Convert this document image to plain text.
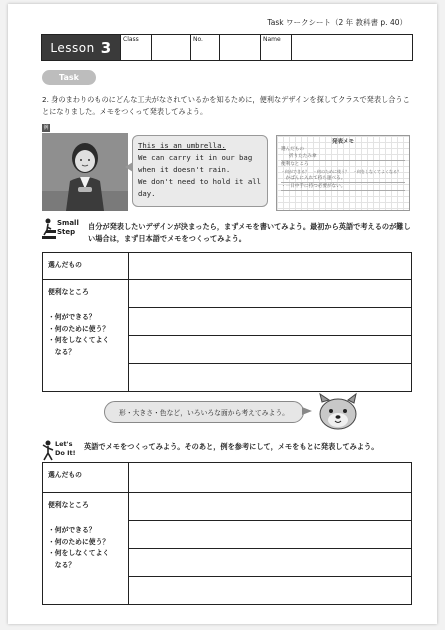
Task ワークシート（2 年 教科書 p. 40）
Lesson 3	Class	No.	Name
Task
2. 身のまわりのものにどんな工夫がなされているかを知るために，便利なデザインを探してクラスで発表し合うことになりました。メモをつくって発表してみよう。
例
This is an umbrella.
We can carry it in our bag
when it doesn't rain.
We don't need to hold it all
day.
発表メモ
選んだもの
折りたたみ傘
便利なところ
・何ができる？　・何のために使う？　・何をしなくてよくなる？
　かばんに入れて持ち運べる。
・一日中手に持つ必要がない。
Small
Step
自分が発表したいデザインが決まったら，まずメモを書いてみよう。最初から英語で考えるのが難しい場合は，まず日本語でメモをつくってみよう。
選んだもの	

便利なところ
・何ができる？
・何のために使う？
・何をしなくてよく
　なる？	

形・大きさ・色など，いろいろな面から考えてみよう。
Let's
Do It!
英語でメモをつくってみよう。そのあと，例を参考にして，メモをもとに発表してみよう。
選んだもの	

便利なところ
・何ができる？
・何のために使う？
・何をしなくてよく
　なる？	
